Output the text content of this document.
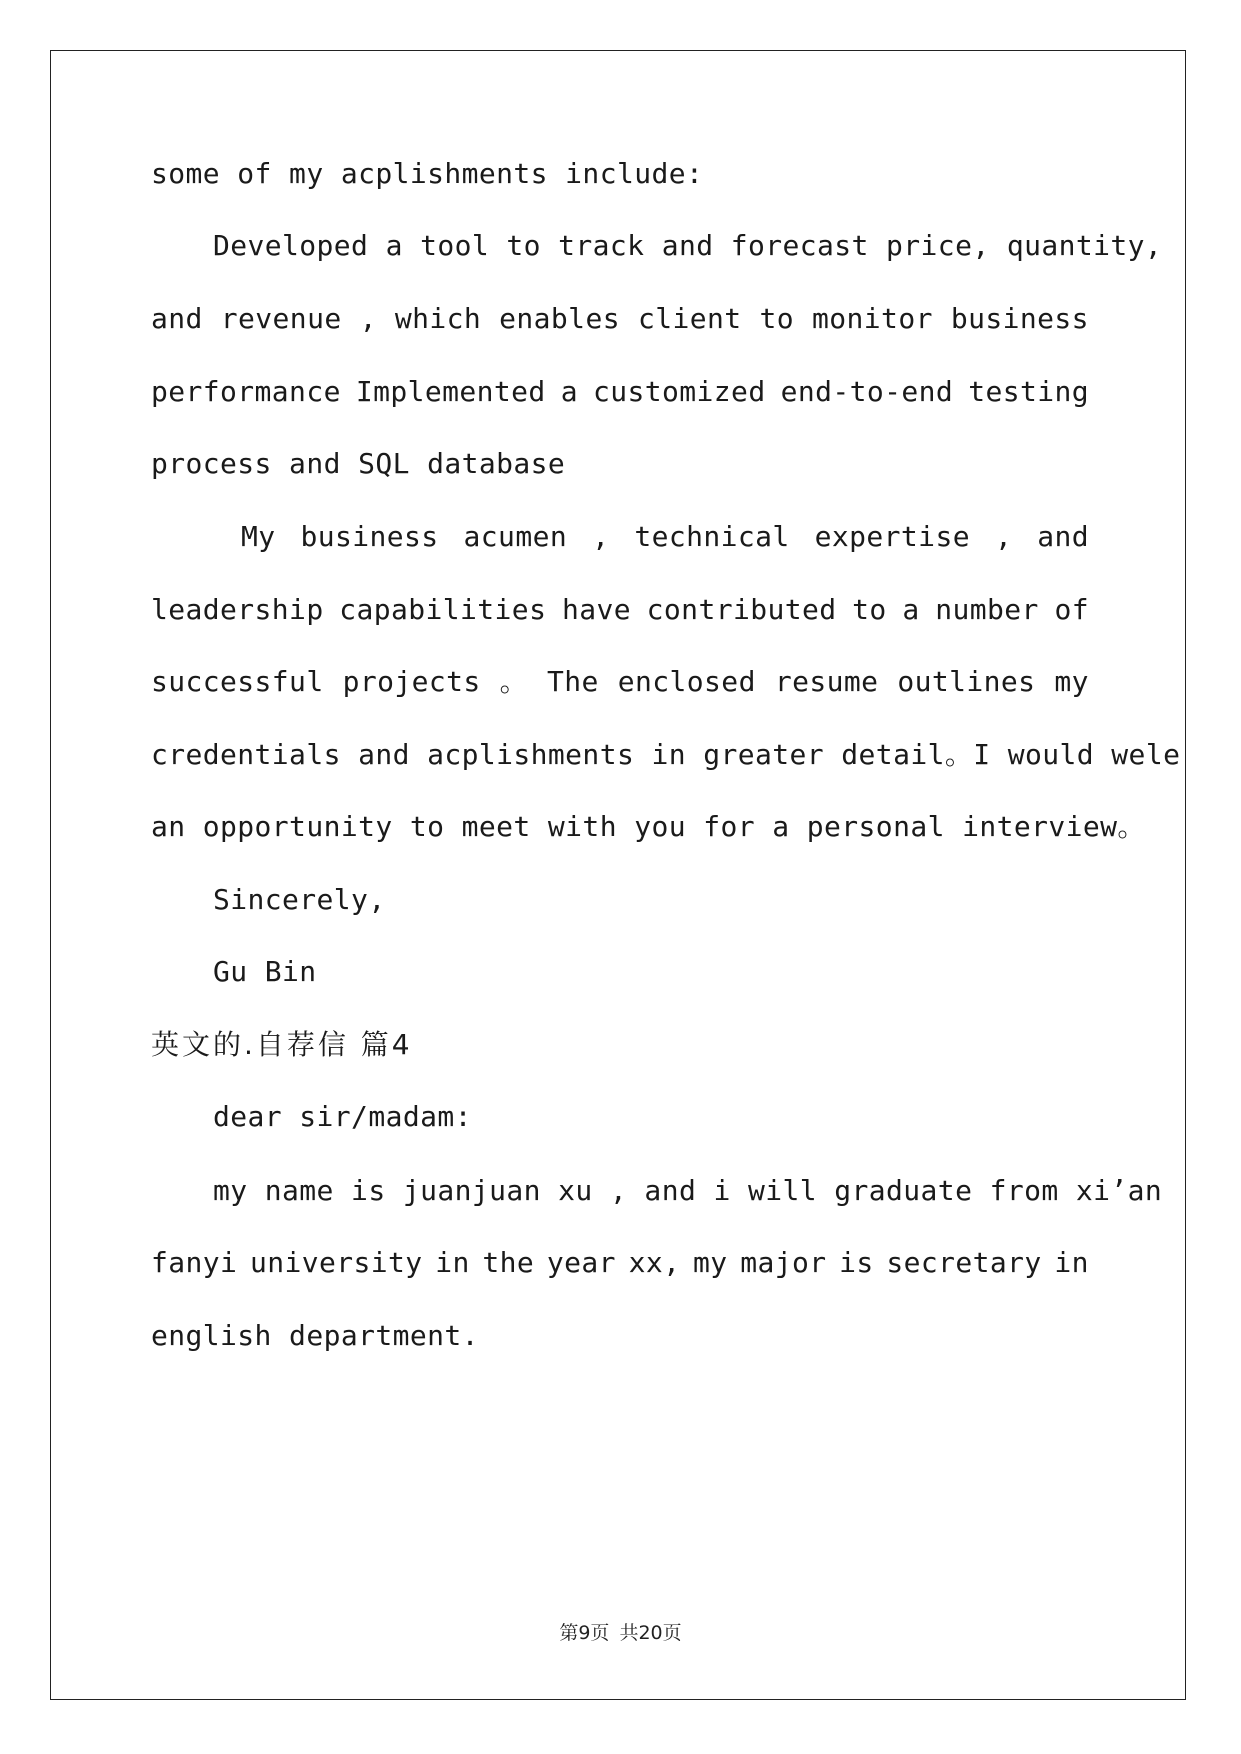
some of my acplishments include:
Developed a tool to track and forecast price, quantity,
and revenue , which enables client to monitor business
performance Implemented a customized end-to-end testing
process and SQL database
My business acumen , technical expertise , and
leadership capabilities have contributed to a number of
successful projects 。 The enclosed resume outlines my
credentials and acplishments in greater detail。I would wele
an opportunity to meet with you for a personal interview。
Sincerely,
Gu Bin
英文的.自荐信 篇4
dear sir/madam:
my name is juanjuan xu , and i will graduate from xi’an
fanyi university in the year xx, my major is secretary in
english department.
第9页 共20页
